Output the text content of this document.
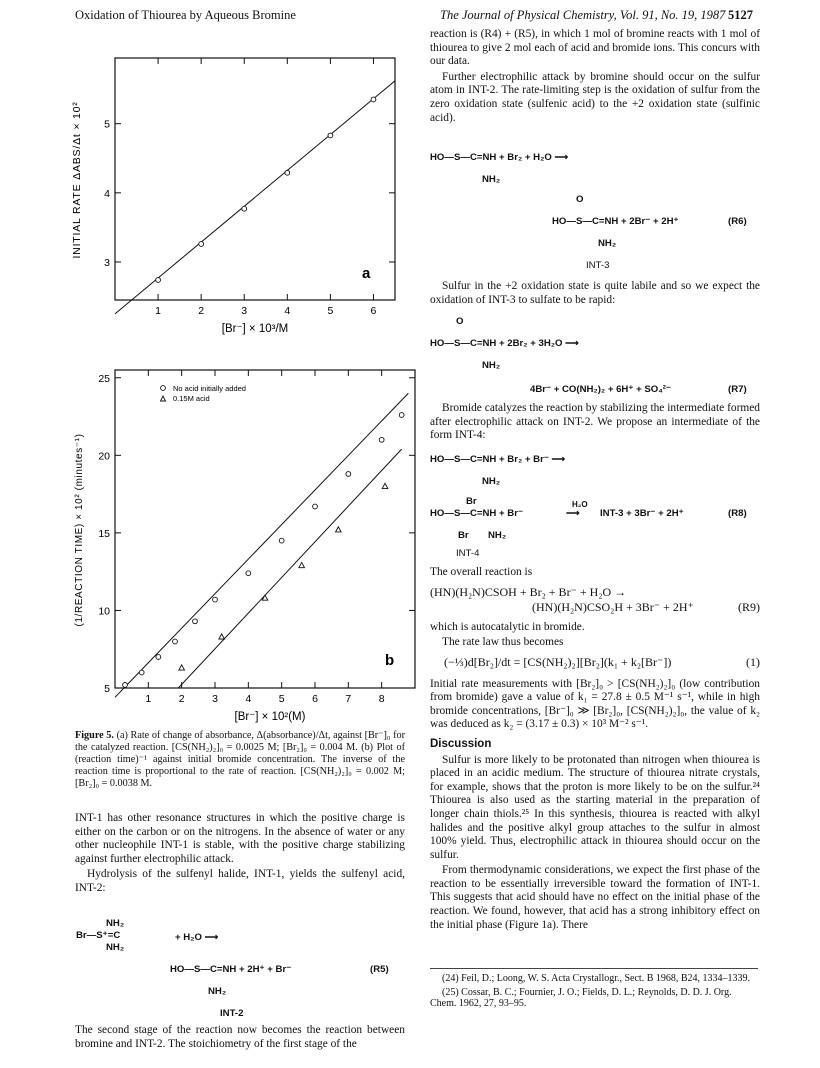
Oxidation of Thiourea by Aqueous Bromine	The Journal of Physical Chemistry, Vol. 91, No. 19, 1987 5127
1	2	3	4	5	6
3
4
5
INITIAL RATE ΔABS/Δt × 10²
[Br⁻] × 10³/M
a
1	2	3	4	5	6	7	8
5
10
15
20
25
No acid initially added
0.15M acid
(1/REACTION TIME) × 10² (minutes⁻¹)
[Br⁻] × 10²(M)
b
Figure 5. (a) Rate of change of absorbance, Δ(absorbance)/Δt, against [Br⁻]₀ for the catalyzed reaction. [CS(NH₂)₂]₀ = 0.0025 M; [Br₂]₀ = 0.004 M. (b) Plot of (reaction time)⁻¹ against initial bromide concentration. The inverse of the reaction time is proportional to the rate of reaction. [CS(NH₂)₂]₀ = 0.002 M; [Br₂]₀ = 0.0038 M.

INT-1 has other resonance structures in which the positive charge is either on the carbon or on the nitrogens. In the absence of water or any other nucleophile INT-1 is stable, with the positive charge stabilizing against further electrophilic attack.

Hydrolysis of the sulfenyl halide, INT-1, yields the sulfenyl acid, INT-2:

NH₂
Br—S⁺=C
NH₂
+ H₂O ⟶
HO—S—C=NH + 2H⁺ + Br⁻	(R5)
NH₂
INT-2

The second stage of the reaction now becomes the reaction between bromine and INT-2. The stoichiometry of the first stage of the

reaction is (R4) + (R5), in which 1 mol of bromine reacts with 1 mol of thiourea to give 2 mol each of acid and bromide ions. This concurs with our data.

Further electrophilic attack by bromine should occur on the sulfur atom in INT-2. The rate-limiting step is the oxidation of sulfur from the zero oxidation state (sulfenic acid) to the +2 oxidation state (sulfinic acid).

HO—S—C=NH + Br₂ + H₂O ⟶
NH₂
O
HO—S—C=NH + 2Br⁻ + 2H⁺	(R6)
NH₂
INT-3

Sulfur in the +2 oxidation state is quite labile and so we expect the oxidation of INT-3 to sulfate to be rapid:

O
HO—S—C=NH + 2Br₂ + 3H₂O ⟶
NH₂
4Br⁻ + CO(NH₂)₂ + 6H⁺ + SO₄²⁻	(R7)

Bromide catalyzes the reaction by stabilizing the intermediate formed after electrophilic attack on INT-2. We propose an intermediate of the form INT-4:

HO—S—C=NH + Br₂ + Br⁻ ⟶
NH₂
Br
HO—S—C=NH + Br⁻
H₂O
⟶ INT-3 + 3Br⁻ + 2H⁺	(R8)
Br NH₂
INT-4

The overall reaction is

(HN)(H₂N)CSOH + Br₂ + Br⁻ + H₂O →
(HN)(H₂N)CSO₂H + 3Br⁻ + 2H⁺	(R9)

which is autocatalytic in bromide.

The rate law thus becomes

(−⅓)d[Br₂]/dt = [CS(NH₂)₂][Br₂](k₁ + k₂[Br⁻])	(1)

Initial rate measurements with [Br₂]₀ > [CS(NH₂)₂]₀ (low contribution from bromide) gave a value of k₁ = 27.8 ± 0.5 M⁻¹ s⁻¹, while in high bromide concentrations, [Br⁻]₀ ≫ [Br₂]₀, [CS(NH₂)₂]₀, the value of k₂ was deduced as k₂ = (3.17 ± 0.3) × 10³ M⁻² s⁻¹.

Discussion

Sulfur is more likely to be protonated than nitrogen when thiourea is placed in an acidic medium. The structure of thiourea nitrate crystals, for example, shows that the proton is more likely to be on the sulfur.²⁴ Thiourea is also used as the starting material in the preparation of longer chain thiols.²⁵ In this synthesis, thiourea is reacted with alkyl halides and the positive alkyl group attaches to the sulfur in almost 100% yield. Thus, electrophilic attack in thiourea should occur on the sulfur.

From thermodynamic considerations, we expect the first phase of the reaction to be essentially irreversible toward the formation of INT-1. This suggests that acid should have no effect on the initial phase of the reaction. We found, however, that acid has a strong inhibitory effect on the initial phase (Figure 1a). There

(24) Feil, D.; Loong, W. S. Acta Crystallogr., Sect. B 1968, B24, 1334–1339.

(25) Cossar, B. C.; Fournier, J. O.; Fields, D. L.; Reynolds, D. D. J. Org. Chem. 1962, 27, 93–95.
